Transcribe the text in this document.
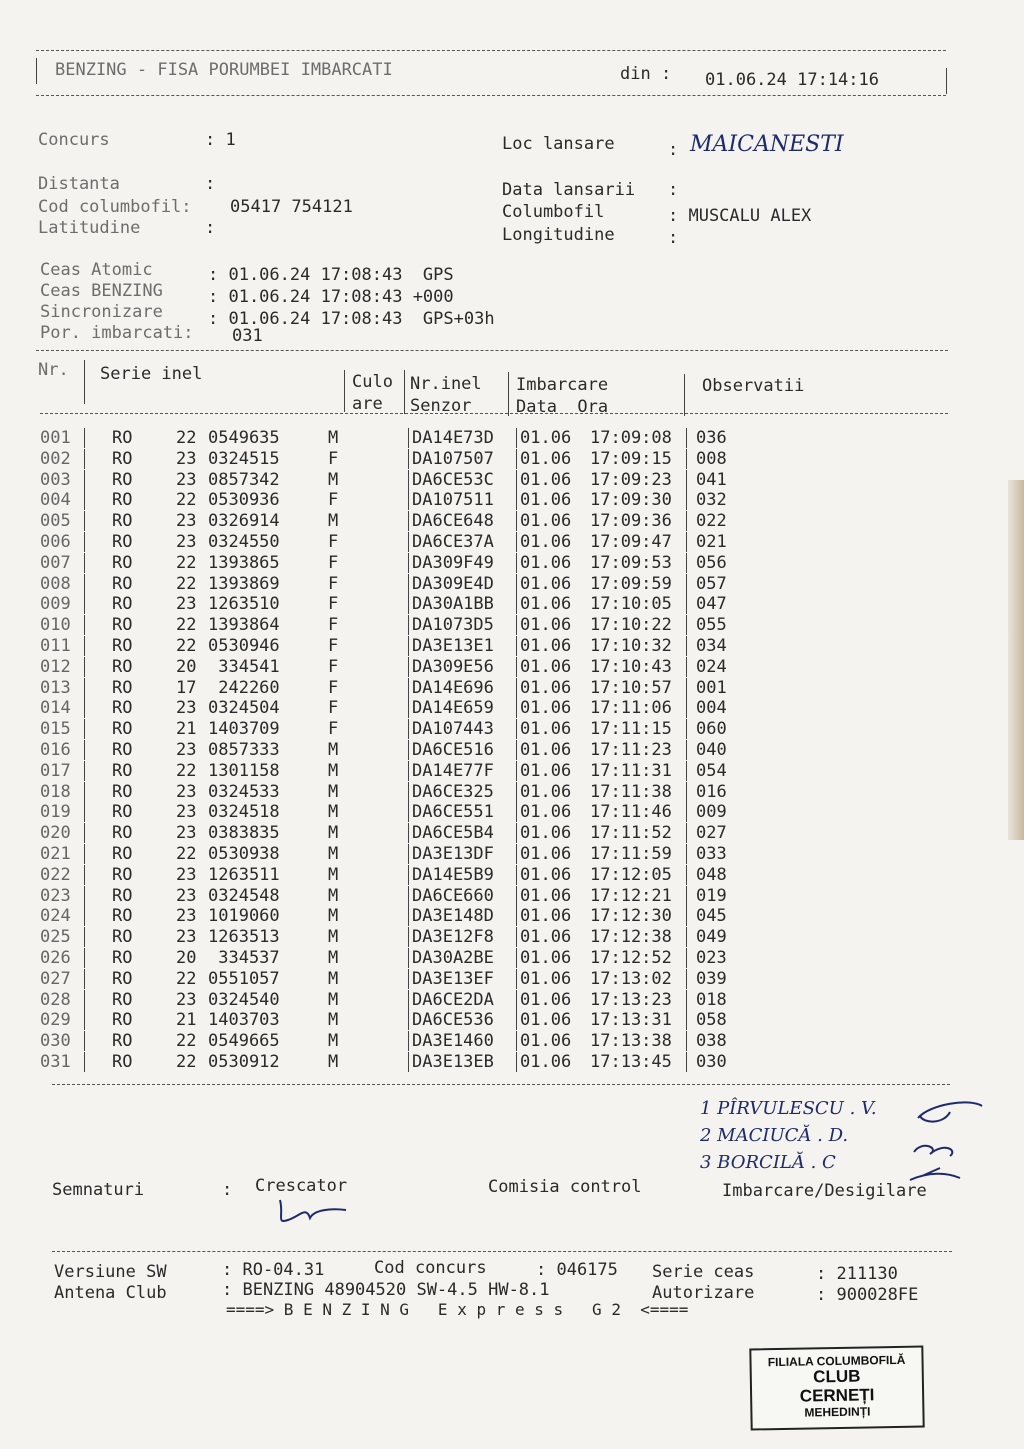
BENZING - FISA PORUMBEI IMBARCATI	din : 01.06.24 17:14:16
Concurs	: 1	Loc lansare	: MAICANESTI
Distanta	:
Cod columbofil: 05417 754121
Latitudine	:
Data lansarii :
Columbofil	: MUSCALU ALEX
Longitudine	:
Ceas Atomic	: 01.06.24 17:08:43  GPS
Ceas BENZING	: 01.06.24 17:08:43 +000
Sincronizare	: 01.06.24 17:08:43  GPS+03h
Por. imbarcati: 031
Nr. Serie inel	Culo
are
Nr.inel
Senzor
Imbarcare
Data  Ora
Observatii
001 RO	22 0549635	M	DA14E73D 01.06 17:09:08 036
002 RO	23 0324515	F	DA107507 01.06 17:09:15 008
003 RO	23 0857342	M	DA6CE53C 01.06 17:09:23 041
004 RO	22 0530936	F	DA107511 01.06 17:09:30 032
005 RO	23 0326914	M	DA6CE648 01.06 17:09:36 022
006 RO	23 0324550	F	DA6CE37A 01.06 17:09:47 021
007 RO	22 1393865	F	DA309F49 01.06 17:09:53 056
008 RO	22 1393869	F	DA309E4D 01.06 17:09:59 057
009 RO	23 1263510	F	DA30A1BB 01.06 17:10:05 047
010 RO	22 1393864	F	DA1073D5 01.06 17:10:22 055
011 RO	22 0530946	F	DA3E13E1 01.06 17:10:32 034
012 RO	20 334541	F	DA309E56 01.06 17:10:43 024
013 RO	17 242260	F	DA14E696 01.06 17:10:57 001
014 RO	23 0324504	F	DA14E659 01.06 17:11:06 004
015 RO	21 1403709	F	DA107443 01.06 17:11:15 060
016 RO	23 0857333	M	DA6CE516 01.06 17:11:23 040
017 RO	22 1301158	M	DA14E77F 01.06 17:11:31 054
018 RO	23 0324533	M	DA6CE325 01.06 17:11:38 016
019 RO	23 0324518	M	DA6CE551 01.06 17:11:46 009
020 RO	23 0383835	M	DA6CE5B4 01.06 17:11:52 027
021 RO	22 0530938	M	DA3E13DF 01.06 17:11:59 033
022 RO	23 1263511	M	DA14E5B9 01.06 17:12:05 048
023 RO	23 0324548	M	DA6CE660 01.06 17:12:21 019
024 RO	23 1019060	M	DA3E148D 01.06 17:12:30 045
025 RO	23 1263513	M	DA3E12F8 01.06 17:12:38 049
026 RO	20 334537	M	DA30A2BE 01.06 17:12:52 023
027 RO	22 0551057	M	DA3E13EF 01.06 17:13:02 039
028 RO	23 0324540	M	DA6CE2DA 01.06 17:13:23 018
029 RO	21 1403703	M	DA6CE536 01.06 17:13:31 058
030 RO	22 0549665	M	DA3E1460 01.06 17:13:38 038
031 RO	22 0530912	M	DA3E13EB 01.06 17:13:45 030
1 PÎRVULESCU . V.
2 MACIUCĂ . D.
3 BORCILĂ . C
Semnaturi	: Crescator	Comisia control	Imbarcare/Desigilare
Versiune SW	: RO-04.31	Cod concurs	: 046175 Serie ceas	: 211130
Antena Club	: BENZING 48904520 SW-4.5 HW-8.1	Autorizare	: 900028FE
====> B E N Z I N G   E x p r e s s   G 2  <====
FILIALA COLUMBOFILĂ
CLUB
CERNEȚI
MEHEDINȚI
